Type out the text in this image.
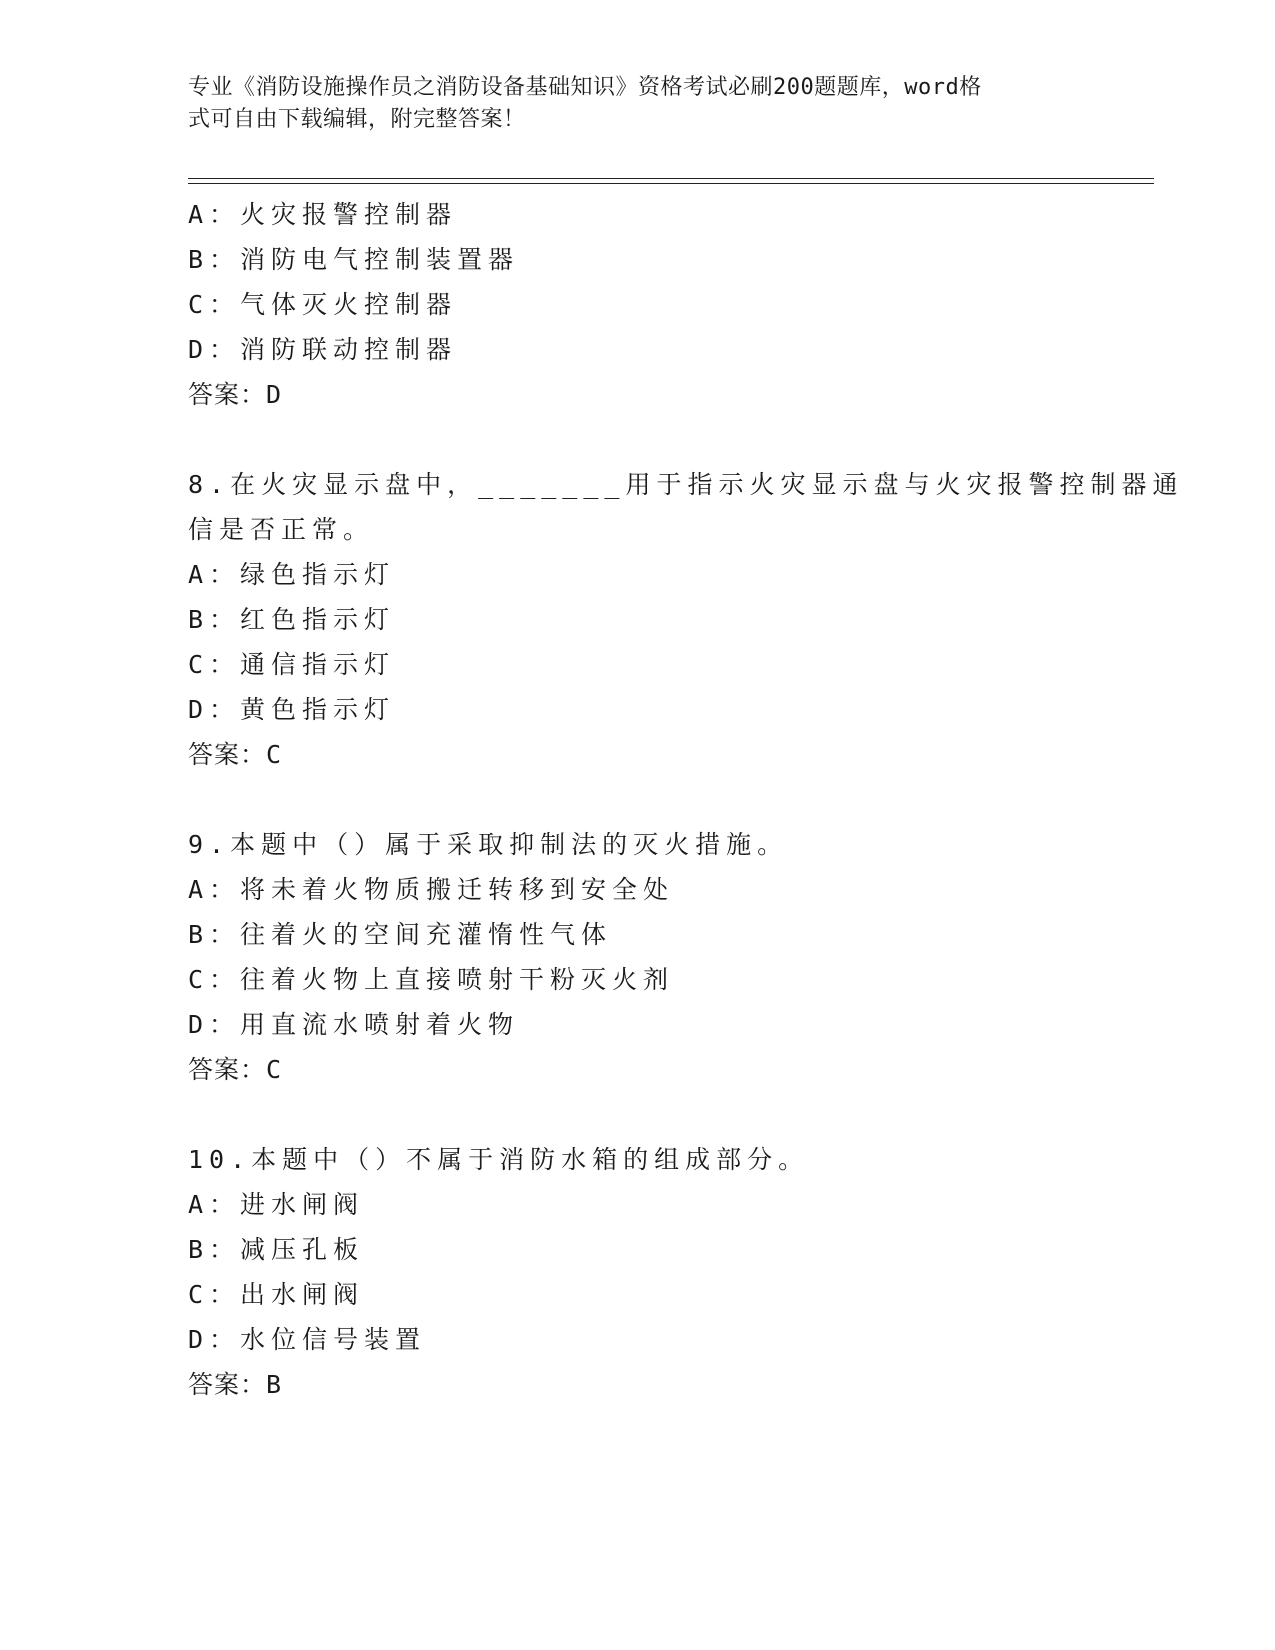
专业《消防设施操作员之消防设备基础知识》资格考试必刷200题题库，word格
式可自由下载编辑，附完整答案！
A：火灾报警控制器
B：消防电气控制装置器
C：气体灭火控制器
D：消防联动控制器
答案：D
8.在火灾显示盘中，_______用于指示火灾显示盘与火灾报警控制器通
信是否正常。
A：绿色指示灯
B：红色指示灯
C：通信指示灯
D：黄色指示灯
答案：C
9.本题中（）属于采取抑制法的灭火措施。
A：将未着火物质搬迁转移到安全处
B：往着火的空间充灌惰性气体
C：往着火物上直接喷射干粉灭火剂
D：用直流水喷射着火物
答案：C
10.本题中（）不属于消防水箱的组成部分。
A：进水闸阀
B：减压孔板
C：出水闸阀
D：水位信号装置
答案：B
